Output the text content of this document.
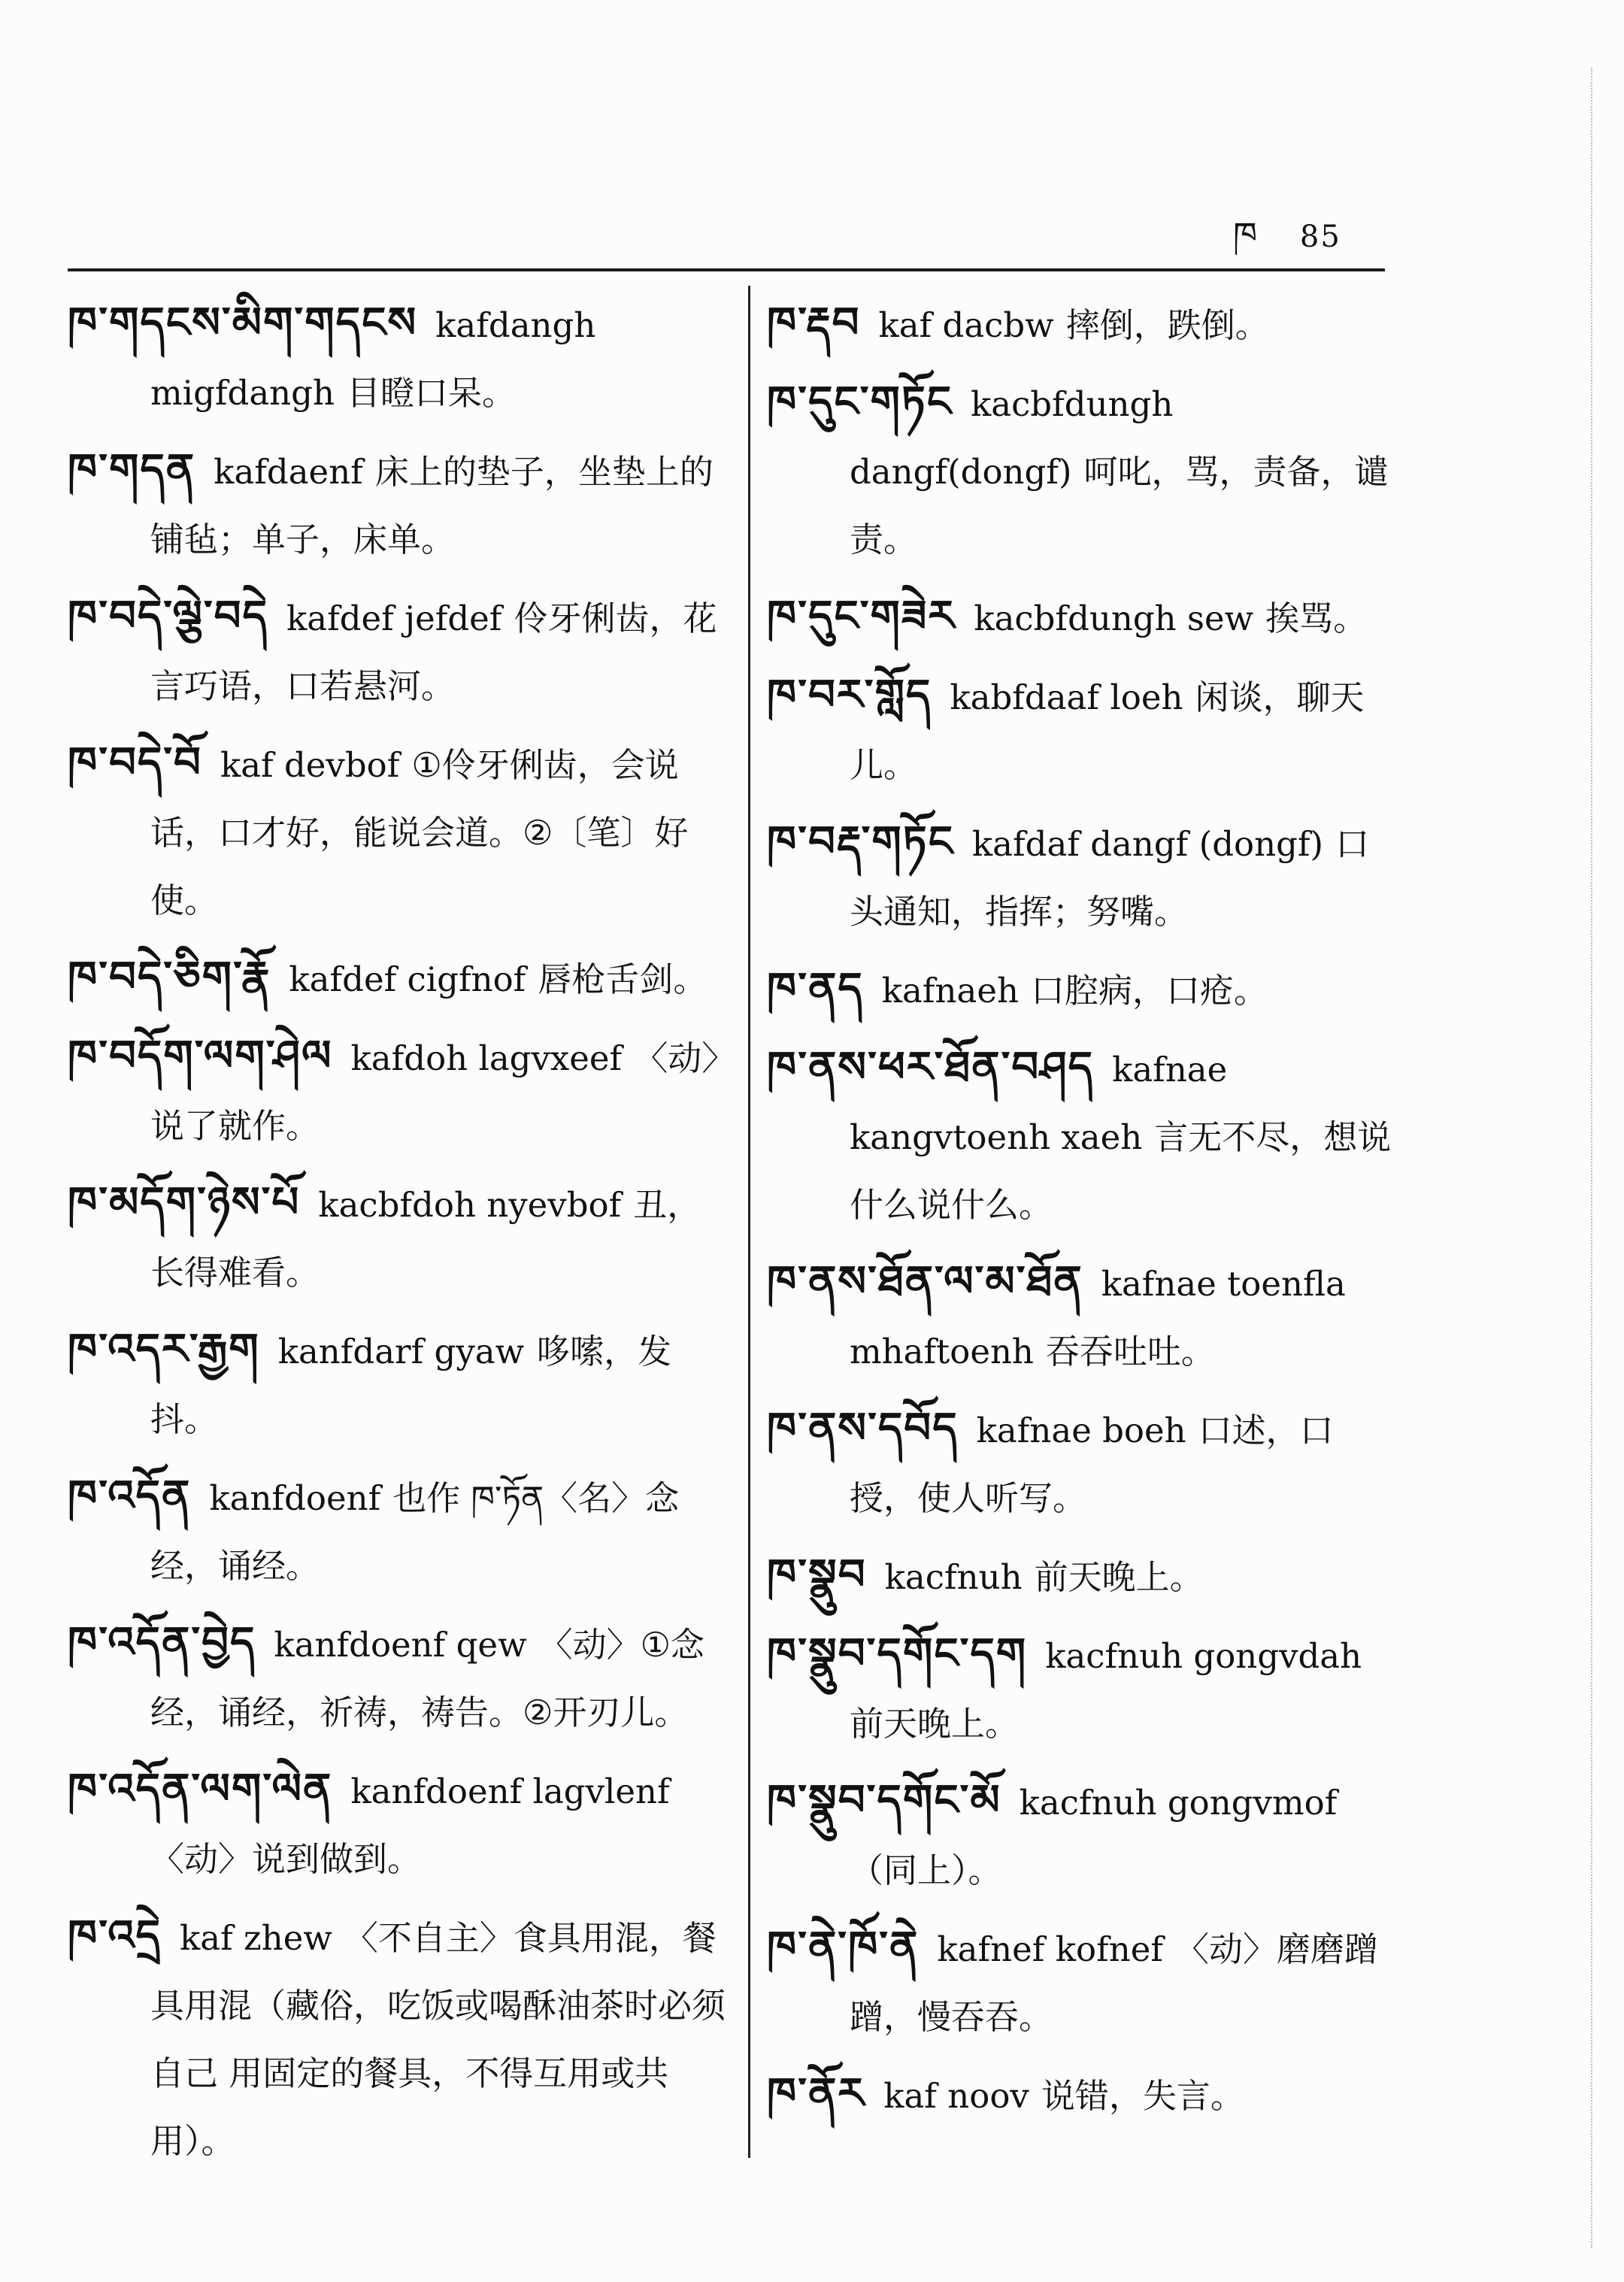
ཁ 85
ཁ་གདངས་མིག་གདངས kafdangh migfdangh 目瞪口呆。
ཁ་གདན kafdaenf 床上的垫子，坐垫上的铺毡；单子，床单。
ཁ་བདེ་ལྕེ་བདེ kafdef jefdef 伶牙俐齿，花言巧语，口若悬河。
ཁ་བདེ་བོ kaf devbof ①伶牙俐齿，会说话，口才好，能说会道。②〔笔〕好使。
ཁ་བདེ་ཅིག་རྣོ kafdef cigfnof 唇枪舌剑。
ཁ་བདོག་ལག་ཤེལ kafdoh lagvxeef 〈动〉说了就作。
ཁ་མདོག་ཉེས་པོ kacbfdoh nyevbof 丑，长得难看。
ཁ་འདར་རྒྱག kanfdarf gyaw 哆嗦，发抖。
ཁ་འདོན kanfdoenf 也作 ཁ་ཏོན〈名〉念经，诵经。
ཁ་འདོན་བྱེད kanfdoenf qew 〈动〉①念经，诵经，祈祷，祷告。②开刃儿。
ཁ་འདོན་ལག་ལེན kanfdoenf lagvlenf〈动〉说到做到。
ཁ་འདྲེ kaf zhew 〈不自主〉食具用混，餐具用混（藏俗，吃饭或喝酥油茶时必须 自己 用固定的餐具，不得互用或共用）。
ཁ་རྡབ kaf dacbw 摔倒，跌倒。
ཁ་དུང་གཏོང kacbfdungh dangf(dongf) 呵叱，骂，责备，谴责。
ཁ་དུང་གཟེར kacbfdungh sew 挨骂。
ཁ་བར་གློད kabfdaaf loeh 闲谈，聊天儿。
ཁ་བརྡ་གཏོང kafdaf dangf (dongf) 口头通知，指挥；努嘴。
ཁ་ནད kafnaeh 口腔病，口疮。
ཁ་ནས་ཕར་ཐོན་བཤད kafnae kangvtoenh xaeh 言无不尽，想说什么说什么。
ཁ་ནས་ཐོན་ལ་མ་ཐོན kafnae toenfla mhaftoenh 吞吞吐吐。
ཁ་ནས་དབོད kafnae boeh 口述，口授，使人听写。
ཁ་སྣུབ kacfnuh 前天晚上。
ཁ་སྣུབ་དགོང་དག kacfnuh gongvdah前天晚上。
ཁ་སྣུབ་དགོང་མོ kacfnuh gongvmof（同上）。
ཁ་ནེ་ཁོ་ནེ kafnef kofnef 〈动〉磨磨蹭蹭，慢吞吞。
ཁ་ནོར kaf noov 说错，失言。
